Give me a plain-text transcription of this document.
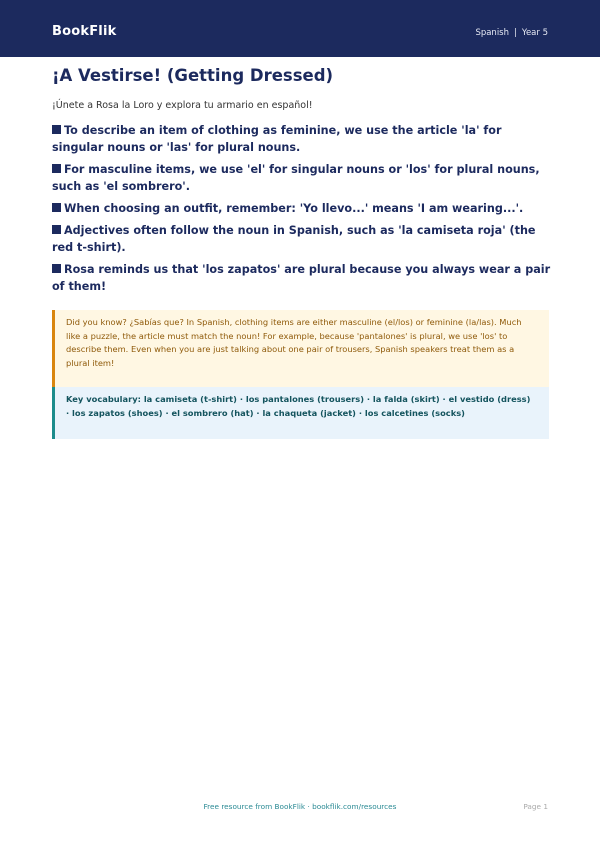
BookFlik	Spanish | Year 5
¡A Vestirse! (Getting Dressed)

¡Únete a Rosa la Loro y explora tu armario en español!

To describe an item of clothing as feminine, we use the article 'la' for singular nouns or 'las' for plural nouns.
For masculine items, we use 'el' for singular nouns or 'los' for plural nouns, such as 'el sombrero'.
When choosing an outfit, remember: 'Yo llevo...' means 'I am wearing...'.
Adjectives often follow the noun in Spanish, such as 'la camiseta roja' (the red t-shirt).
Rosa reminds us that 'los zapatos' are plural because you always wear a pair of them!
Did you know? ¿Sabías que? In Spanish, clothing items are either masculine (el/los) or feminine (la/las). Much like a puzzle, the article must match the noun! For example, because 'pantalones' is plural, we use 'los' to describe them. Even when you are just talking about one pair of trousers, Spanish speakers treat them as a plural item!
Key vocabulary: la camiseta (t-shirt) · los pantalones (trousers) · la falda (skirt) · el vestido (dress) · los zapatos (shoes) · el sombrero (hat) · la chaqueta (jacket) · los calcetines (socks)
Free resource from BookFlik · bookflik.com/resources	Page 1
